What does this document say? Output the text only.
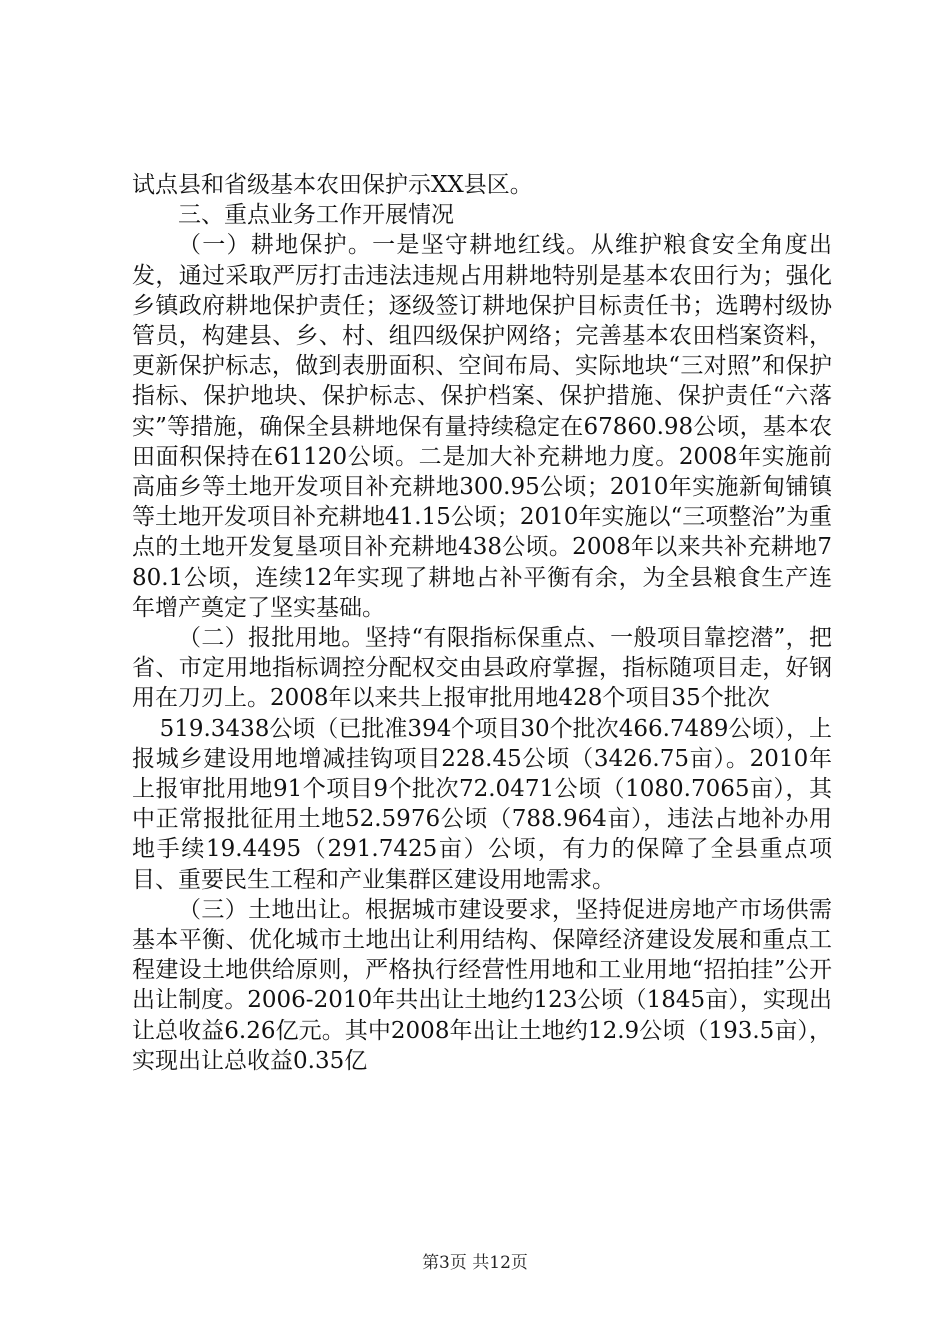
试点县和省级基本农田保护示XX县区。

三、重点业务工作开展情况

（一）耕地保护。一是坚守耕地红线。从维护粮食安全角度出发，通过采取严厉打击违法违规占用耕地特别是基本农田行为；强化乡镇政府耕地保护责任；逐级签订耕地保护目标责任书；选聘村级协管员，构建县、乡、村、组四级保护网络；完善基本农田档案资料，更新保护标志，做到表册面积、空间布局、实际地块“三对照”和保护指标、保护地块、保护标志、保护档案、保护措施、保护责任“六落实”等措施，确保全县耕地保有量持续稳定在67860.98公顷，基本农田面积保持在61120公顷。二是加大补充耕地力度。2008年实施前高庙乡等土地开发项目补充耕地300.95公顷；2010年实施新甸铺镇等土地开发项目补充耕地41.15公顷；2010年实施以“三项整治”为重点的土地开发复垦项目补充耕地438公顷。2008年以来共补充耕地780.1公顷，连续12年实现了耕地占补平衡有余，为全县粮食生产连年增产奠定了坚实基础。

（二）报批用地。坚持“有限指标保重点、一般项目靠挖潜”，把省、市定用地指标调控分配权交由县政府掌握，指标随项目走，好钢用在刀刃上。2008年以来共上报审批用地428个项目35个批次

519.3438公顷（已批准394个项目30个批次466.7489公顷），上报城乡建设用地增减挂钩项目228.45公顷（3426.75亩）。2010年上报审批用地91个项目9个批次72.0471公顷（1080.7065亩），其中正常报批征用土地52.5976公顷（788.964亩），违法占地补办用地手续19.4495（291.7425亩）公顷，有力的保障了全县重点项目、重要民生工程和产业集群区建设用地需求。

（三）土地出让。根据城市建设要求，坚持促进房地产市场供需基本平衡、优化城市土地出让利用结构、保障经济建设发展和重点工程建设土地供给原则，严格执行经营性用地和工业用地“招拍挂”公开出让制度。2006-2010年共出让土地约123公顷（1845亩），实现出让总收益6.26亿元。其中2008年出让土地约12.9公顷（193.5亩），实现出让总收益0.35亿

第3页 共12页
